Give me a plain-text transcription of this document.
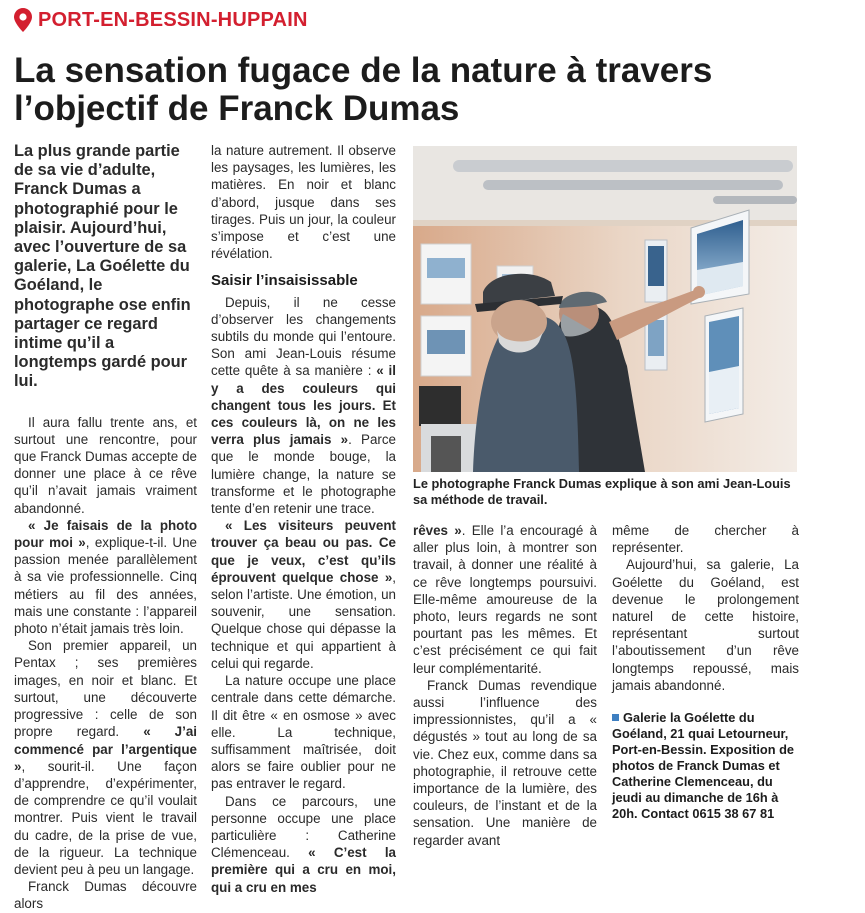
PORT-EN-BESSIN-HUPPAIN
La sensation fugace de la nature à travers l’objectif de Franck Dumas

La plus grande partie de sa vie d’adulte, Franck Dumas a photographié pour le plaisir. Aujourd’hui, avec l’ouverture de sa galerie, La Goélette du Goéland, le photographe ose enfin partager ce regard intime qu’il a longtemps gardé pour lui.

Il aura fallu trente ans, et surtout une rencontre, pour que Franck Dumas accepte de donner une place à ce rêve qu’il n’avait jamais vraiment abandonné.

« Je faisais de la photo pour moi », explique-t-il. Une passion menée parallèlement à sa vie professionnelle. Cinq métiers au fil des années, mais une constante : l’appareil photo n’était jamais très loin.

Son premier appareil, un Pentax ; ses premières images, en noir et blanc. Et surtout, une découverte progressive : celle de son propre regard. « J’ai commencé par l’argentique », sourit-il. Une façon d’apprendre, d’expérimenter, de comprendre ce qu’il voulait montrer. Puis vient le travail du cadre, de la prise de vue, de la rigueur. La technique devient peu à peu un langage.

Franck Dumas découvre alors

la nature autrement. Il observe les paysages, les lumières, les matières. En noir et blanc d’abord, jusque dans ses tirages. Puis un jour, la couleur s’impose et c’est une révélation.

Saisir l’insaisissable

Depuis, il ne cesse d’observer les changements subtils du monde qui l’entoure. Son ami Jean-Louis résume cette quête à sa manière : « il y a des couleurs qui changent tous les jours. Et ces couleurs là, on ne les verra plus jamais ». Parce que le monde bouge, la lumière change, la nature se transforme et le photographe tente d’en retenir une trace.

« Les visiteurs peuvent trouver ça beau ou pas. Ce que je veux, c’est qu’ils éprouvent quelque chose », selon l’artiste. Une émotion, un souvenir, une sensation. Quelque chose qui dépasse la technique et qui appartient à celui qui regarde.

La nature occupe une place centrale dans cette démarche. Il dit être « en osmose » avec elle. La technique, suffisamment maîtrisée, doit alors se faire oublier pour ne pas entraver le regard.

Dans ce parcours, une personne occupe une place particulière : Catherine Clémenceau. « C’est la première qui a cru en moi, qui a cru en mes

Le photographe Franck Dumas explique à son ami Jean-Louis sa méthode de travail.

rêves ». Elle l’a encouragé à aller plus loin, à montrer son travail, à donner une réalité à ce rêve longtemps poursuivi. Elle-même amoureuse de la photo, leurs regards ne sont pourtant pas les mêmes. Et c’est précisément ce qui fait leur complémentarité.

Franck Dumas revendique aussi l’influence des impressionnistes, qu’il a « dégustés » tout au long de sa vie. Chez eux, comme dans sa photographie, il retrouve cette importance de la lumière, des couleurs, de l’instant et de la sensation. Une manière de regarder avant

même de chercher à représenter.

Aujourd’hui, sa galerie, La Goélette du Goéland, est devenue le prolongement naturel de cette histoire, représentant surtout l’aboutissement d’un rêve longtemps repoussé, mais jamais abandonné.

Galerie la Goélette du Goéland, 21 quai Letourneur, Port-en-Bessin. Exposition de photos de Franck Dumas et Catherine Clemenceau, du jeudi au dimanche de 16h à 20h. Contact 0615 38 67 81
